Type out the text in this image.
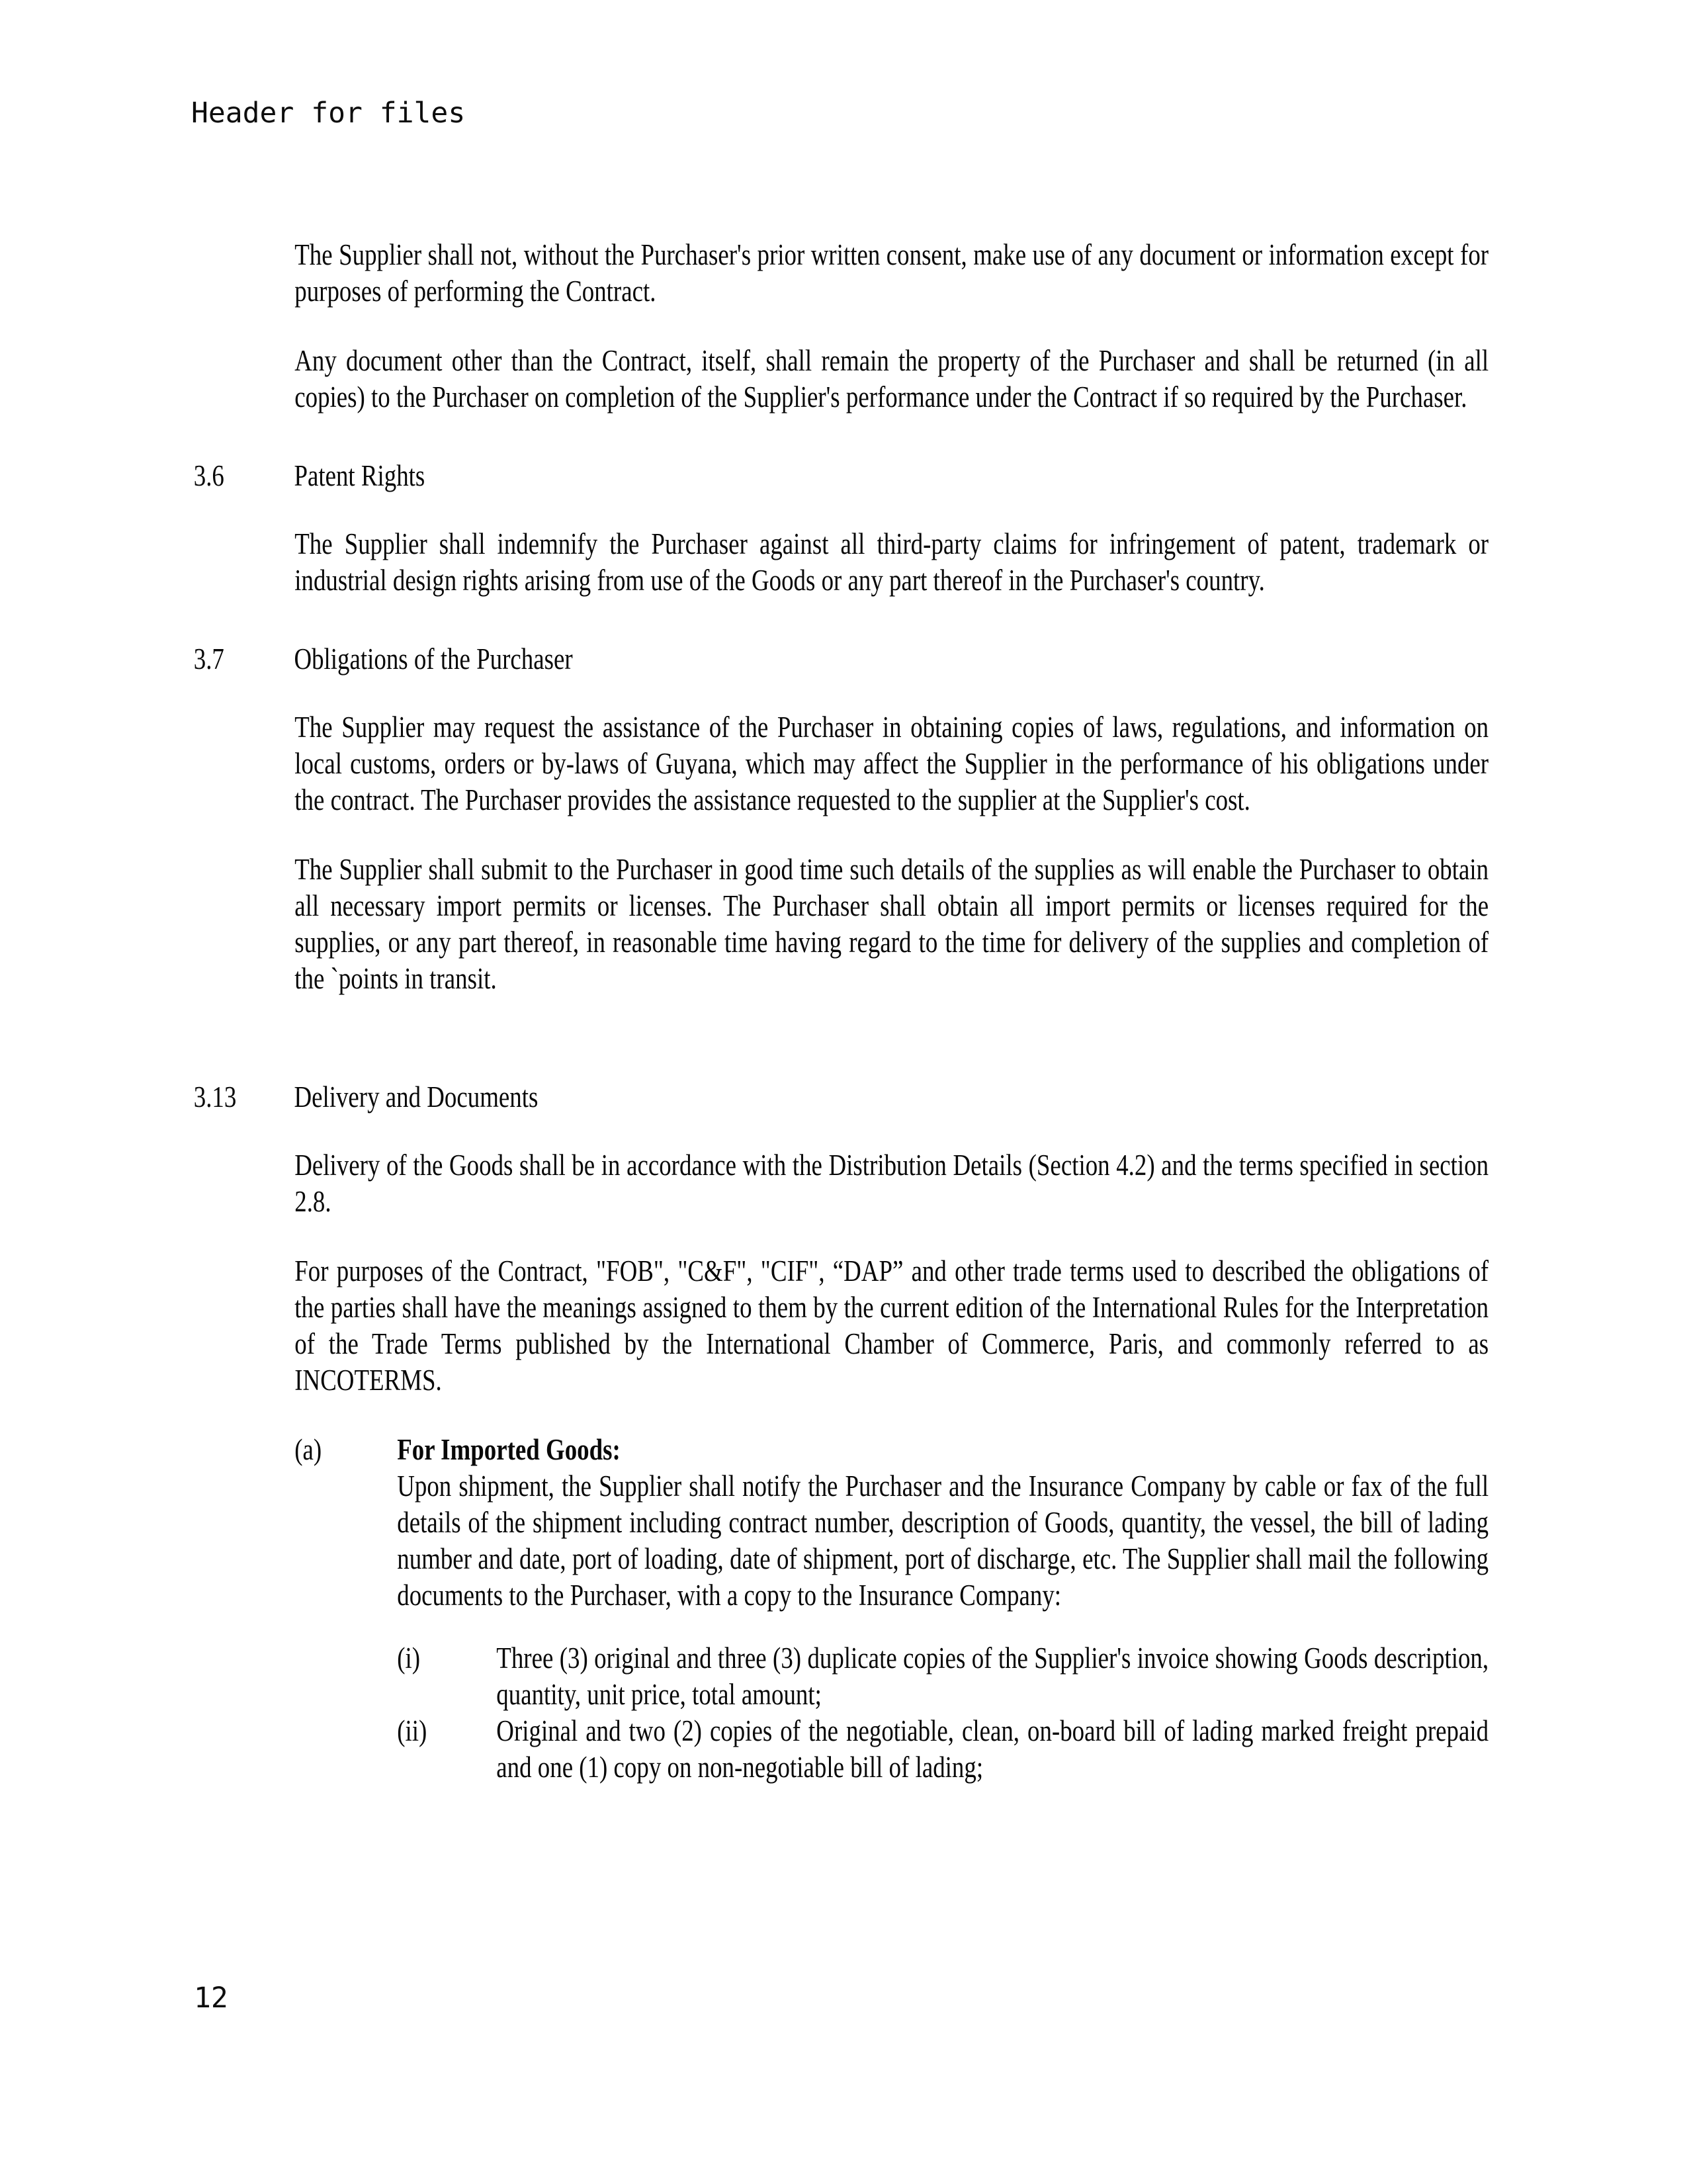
Header for files

The Supplier shall not, without the Purchaser's prior written consent, make use of any document or information except for purposes of performing the Contract.

Any document other than the Contract, itself, shall remain the property of the Purchaser and shall be returned (in all copies) to the Purchaser on completion of the Supplier's performance under the Contract if so required by the Purchaser.

3.6	Patent Rights

The Supplier shall indemnify the Purchaser against all third-party claims for infringement of patent, trademark or industrial design rights arising from use of the Goods or any part thereof in the Purchaser's country.

3.7	Obligations of the Purchaser

The Supplier may request the assistance of the Purchaser in obtaining copies of laws, regulations, and information on local customs, orders or by-laws of Guyana, which may affect the Supplier in the performance of his obligations under the contract. The Purchaser provides the assistance requested to the supplier at the Supplier's cost.

The Supplier shall submit to the Purchaser in good time such details of the supplies as will enable the Purchaser to obtain all necessary import permits or licenses. The Purchaser shall obtain all import permits or licenses required for the supplies, or any part thereof, in reasonable time having regard to the time for delivery of the supplies and completion of the `points in transit.

3.13	Delivery and Documents

Delivery of the Goods shall be in accordance with the Distribution Details (Section 4.2) and the terms specified in section 2.8.

For purposes of the Contract, "FOB", "C&F", "CIF", “DAP” and other trade terms used to described the obligations of the parties shall have the meanings assigned to them by the current edition of the International Rules for the Interpretation of the Trade Terms published by the International Chamber of Commerce, Paris, and commonly referred to as INCOTERMS.

(a)	For Imported Goods:
Upon shipment, the Supplier shall notify the Purchaser and the Insurance Company by cable or fax of the full details of the shipment including contract number, description of Goods, quantity, the vessel, the bill of lading number and date, port of loading, date of shipment, port of discharge, etc. The Supplier shall mail the following documents to the Purchaser, with a copy to the Insurance Company:
(i)	Three (3) original and three (3) duplicate copies of the Supplier's invoice showing Goods description, quantity, unit price, total amount;
(ii)	Original and two (2) copies of the negotiable, clean, on-board bill of lading marked freight prepaid and one (1) copy on non-negotiable bill of lading;
12
